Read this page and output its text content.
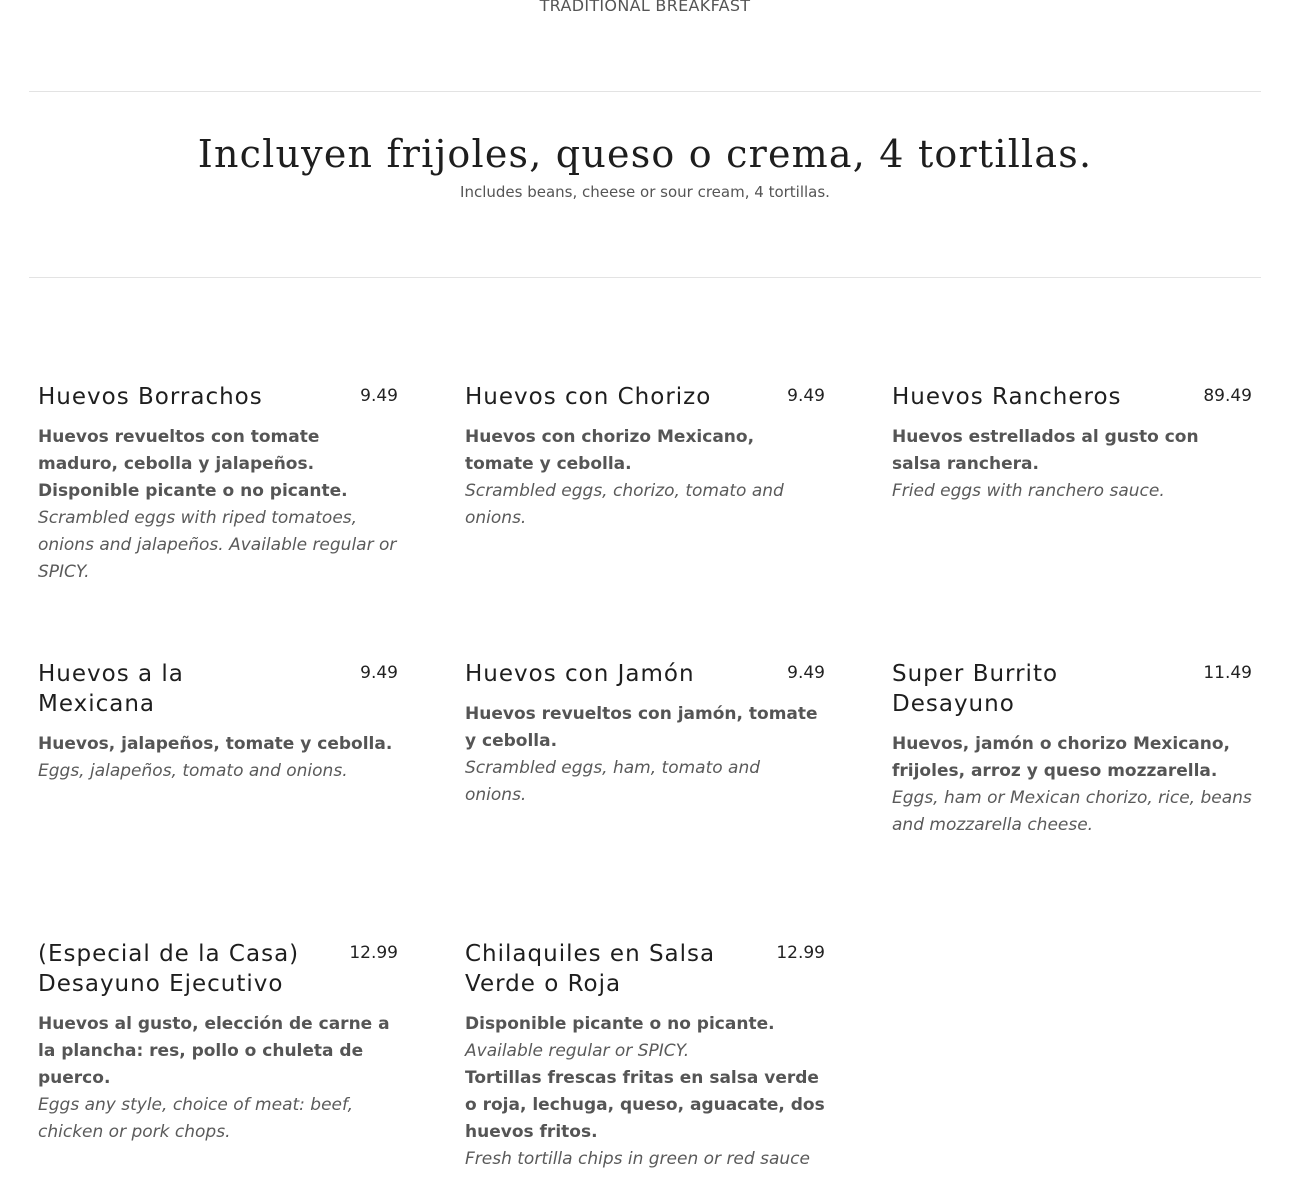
TRADITIONAL BREAKFAST
Incluyen frijoles, queso o crema, 4 tortillas.
Includes beans, cheese or sour cream, 4 tortillas.
Huevos Borrachos	9.49
Huevos revueltos con tomate maduro, cebolla y jalapeños. Disponible picante o no picante.
Scrambled eggs with riped tomatoes, onions and jalapeños. Available regular or SPICY.
Huevos con Chorizo	9.49
Huevos con chorizo Mexicano, tomate y cebolla.
Scrambled eggs, chorizo, tomato and onions.
Huevos Rancheros	89.49
Huevos estrellados al gusto con salsa ranchera.
Fried eggs with ranchero sauce.
Huevos a la Mexicana
9.49
Huevos, jalapeños, tomate y cebolla.
Eggs, jalapeños, tomato and onions.
Huevos con Jamón	9.49
Huevos revueltos con jamón, tomate y cebolla.
Scrambled eggs, ham, tomato and onions.
Super Burrito Desayuno
11.49
Huevos, jamón o chorizo Mexicano, frijoles, arroz y queso mozzarella.
Eggs, ham or Mexican chorizo, rice, beans and mozzarella cheese.
(Especial de la Casa) Desayuno Ejecutivo
12.99
Huevos al gusto, elección de carne a la plancha: res, pollo o chuleta de puerco.
Eggs any style, choice of meat: beef, chicken or pork chops.
Chilaquiles en Salsa Verde o Roja
12.99
Disponible picante o no picante.
Available regular or SPICY.
Tortillas frescas fritas en salsa verde o roja, lechuga, queso, aguacate, dos huevos fritos.
Fresh tortilla chips in green or red sauce
